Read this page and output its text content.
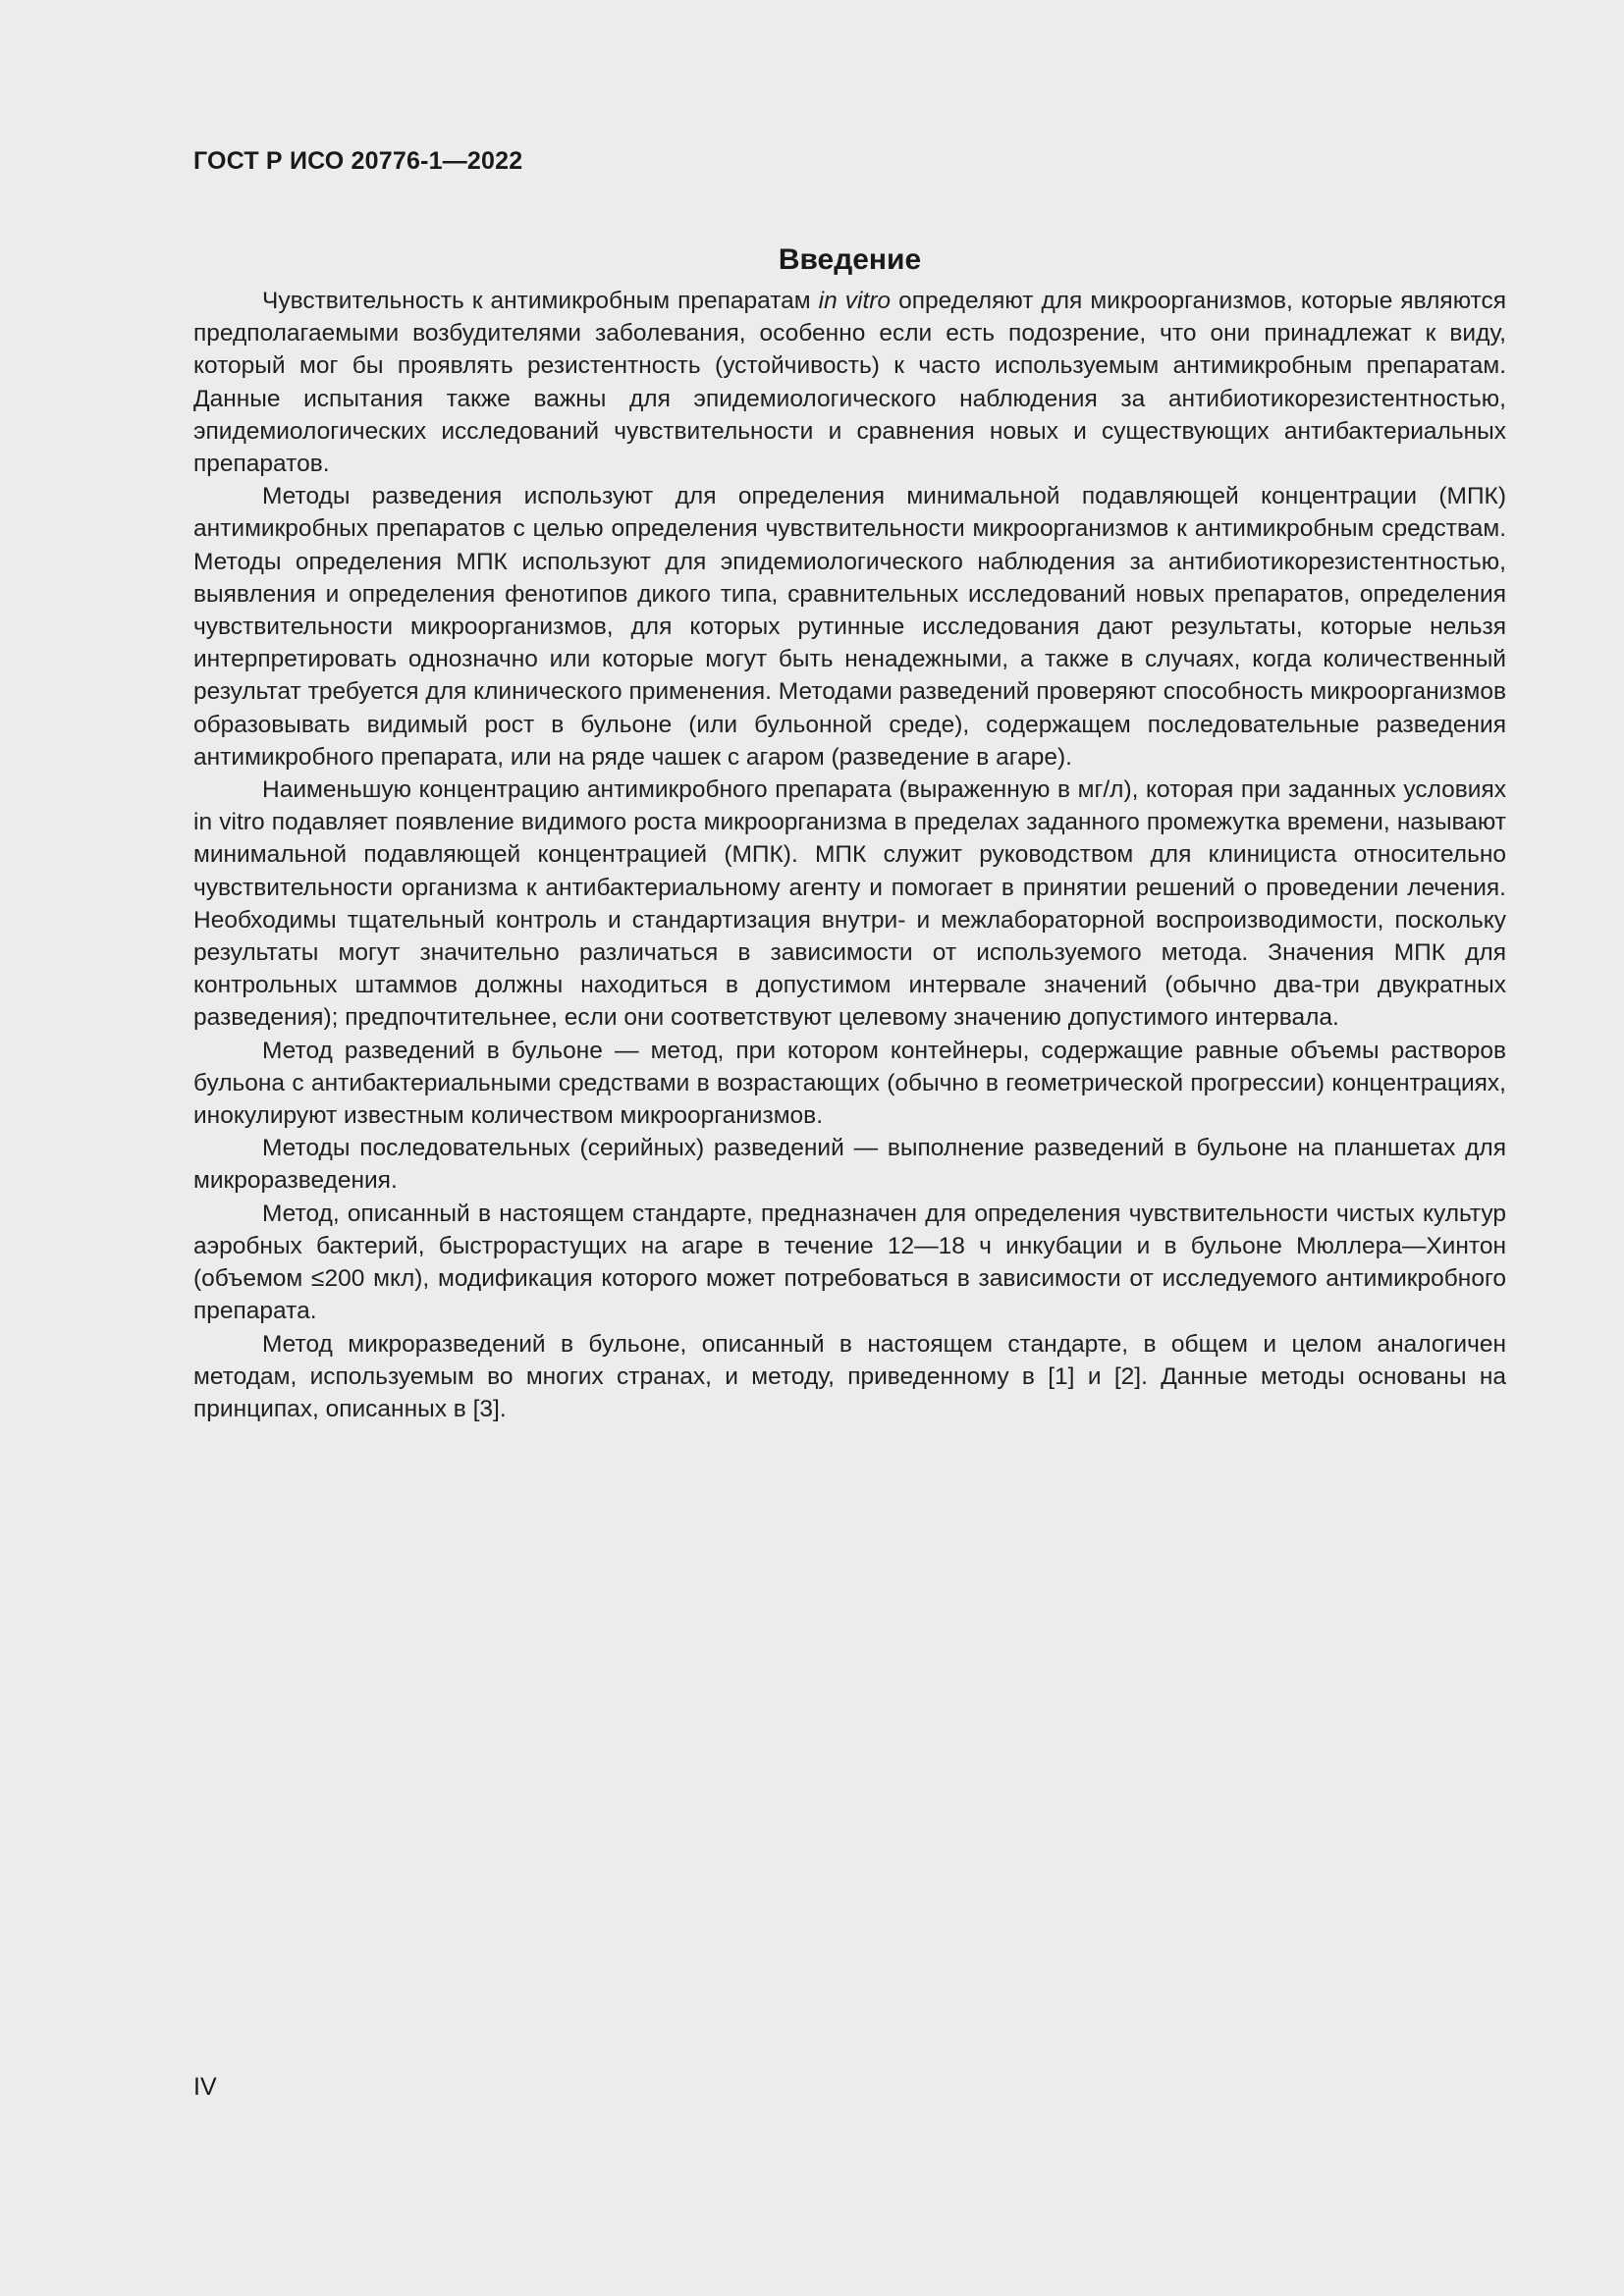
ГОСТ Р ИСО 20776-1—2022
Введение

Чувствительность к антимикробным препаратам in vitro определяют для микроорганизмов, которые являются предполагаемыми возбудителями заболевания, особенно если есть подозрение, что они принадлежат к виду, который мог бы проявлять резистентность (устойчивость) к часто используемым антимикробным препаратам. Данные испытания также важны для эпидемиологического наблюдения за антибиотикорезистентностью, эпидемиологических исследований чувствительности и сравнения новых и существующих антибактериальных препаратов.

Методы разведения используют для определения минимальной подавляющей концентрации (МПК) антимикробных препаратов с целью определения чувствительности микроорганизмов к антимикробным средствам. Методы определения МПК используют для эпидемиологического наблюдения за антибиотикорезистентностью, выявления и определения фенотипов дикого типа, сравнительных исследований новых препаратов, определения чувствительности микроорганизмов, для которых рутинные исследования дают результаты, которые нельзя интерпретировать однозначно или которые могут быть ненадежными, а также в случаях, когда количественный результат требуется для клинического применения. Методами разведений проверяют способность микроорганизмов образовывать видимый рост в бульоне (или бульонной среде), содержащем последовательные разведения антимикробного препарата, или на ряде чашек с агаром (разведение в агаре).

Наименьшую концентрацию антимикробного препарата (выраженную в мг/л), которая при заданных условиях in vitro подавляет появление видимого роста микроорганизма в пределах заданного промежутка времени, называют минимальной подавляющей концентрацией (МПК). МПК служит руководством для клинициста относительно чувствительности организма к антибактериальному агенту и помогает в принятии решений о проведении лечения. Необходимы тщательный контроль и стандартизация внутри- и межлабораторной воспроизводимости, поскольку результаты могут значительно различаться в зависимости от используемого метода. Значения МПК для контрольных штаммов должны находиться в допустимом интервале значений (обычно два-три двукратных разведения); предпочтительнее, если они соответствуют целевому значению допустимого интервала.

Метод разведений в бульоне — метод, при котором контейнеры, содержащие равные объемы растворов бульона с антибактериальными средствами в возрастающих (обычно в геометрической прогрессии) концентрациях, инокулируют известным количеством микроорганизмов.

Методы последовательных (серийных) разведений — выполнение разведений в бульоне на планшетах для микроразведения.

Метод, описанный в настоящем стандарте, предназначен для определения чувствительности чистых культур аэробных бактерий, быстрорастущих на агаре в течение 12—18 ч инкубации и в бульоне Мюллера—Хинтон (объемом ≤200 мкл), модификация которого может потребоваться в зависимости от исследуемого антимикробного препарата.

Метод микроразведений в бульоне, описанный в настоящем стандарте, в общем и целом аналогичен методам, используемым во многих странах, и методу, приведенному в [1] и [2]. Данные методы основаны на принципах, описанных в [3].

IV
